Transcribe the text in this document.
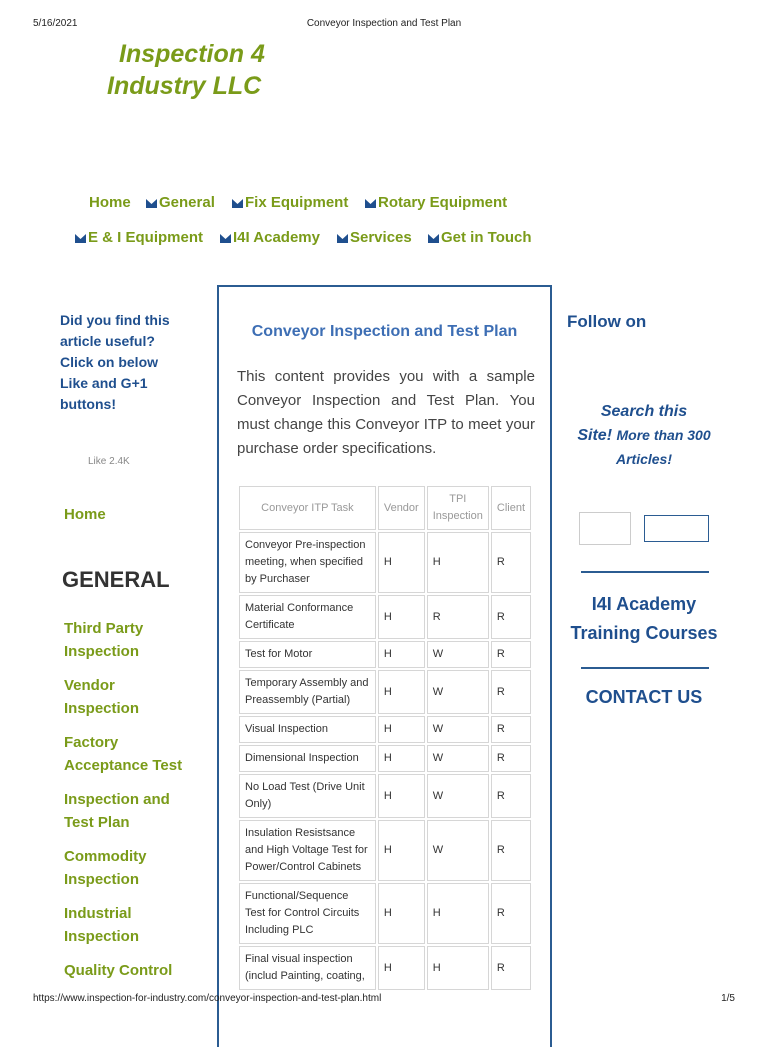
5/16/2021	Conveyor Inspection and Test Plan
Inspection 4
Industry LLC
Home	General	Fix Equipment	Rotary Equipment
E & I Equipment	I4I Academy	Services	Get in Touch
Did you find this
article useful?
Click on below
Like and G+1
buttons!
Like 2.4K
Home
GENERAL
Third Party
Inspection
Vendor
Inspection
Factory
Acceptance Test
Inspection and
Test Plan
Commodity
Inspection
Industrial
Inspection
Quality Control
Conveyor Inspection and Test Plan
This content provides you with a sample Conveyor Inspection and Test Plan. You must change this Conveyor ITP to meet your purchase order specifications.
Conveyor ITP Task	Vendor	TPI Inspection	Client
Conveyor Pre-inspection meeting, when specified by Purchaser	H	H	R
Material Conformance Certificate	H	R	R
Test for Motor	H	W	R
Temporary Assembly and Preassembly (Partial)	H	W	R
Visual Inspection	H	W	R
Dimensional Inspection	H	W	R
No Load Test (Drive Unit Only)	H	W	R
Insulation Resistsance and High Voltage Test for Power/Control Cabinets	H	W	R
Functional/Sequence Test for Control Circuits Including PLC	H	H	R
Final visual inspection (includ Painting, coating,	H	H	R
Follow on
Search this
Site! More than 300
Articles!
I4I Academy
Training Courses
CONTACT US
https://www.inspection-for-industry.com/conveyor-inspection-and-test-plan.html	1/5
